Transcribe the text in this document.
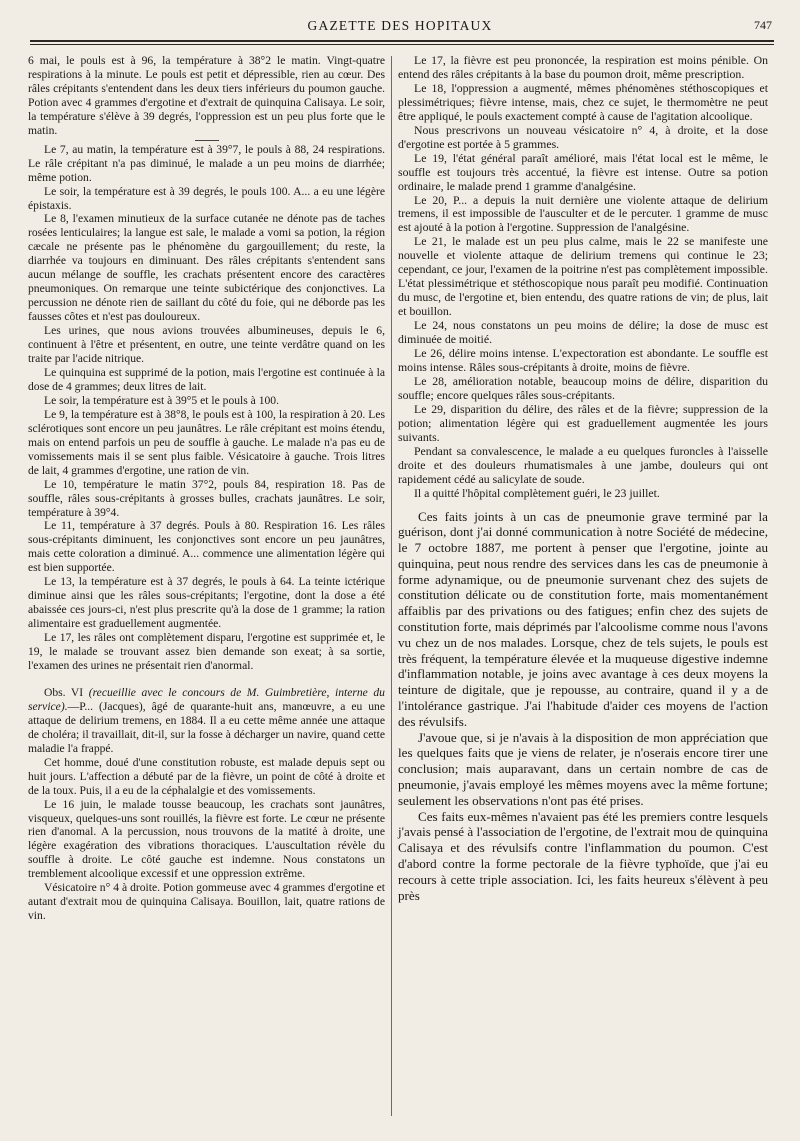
GAZETTE DES HOPITAUX	747

6 mai, le pouls est à 96, la température à 38°2 le matin. Vingt-quatre respirations à la minute. Le pouls est petit et dépressible, rien au cœur. Des râles crépitants s'entendent dans les deux tiers inférieurs du poumon gauche. Potion avec 4 grammes d'ergotine et d'extrait de quinquina Calisaya. Le soir, la température s'élève à 39 degrés, l'oppression est un peu plus forte que le matin.

Le 7, au matin, la température est à 39°7, le pouls à 88, 24 respirations. Le râle crépitant n'a pas diminué, le malade a un peu moins de diarrhée; même potion.

Le soir, la température est à 39 degrés, le pouls 100. A... a eu une légère épistaxis.

Le 8, l'examen minutieux de la surface cutanée ne dénote pas de taches rosées lenticulaires; la langue est sale, le malade a vomi sa potion, la région cæcale ne présente pas le phénomène du gargouillement; du reste, la diarrhée va toujours en diminuant. Des râles crépitants s'entendent sans aucun mélange de souffle, les crachats présentent encore des caractères pneumoniques. On remarque une teinte subictérique des conjonctives. La percussion ne dénote rien de saillant du côté du foie, qui ne déborde pas les fausses côtes et n'est pas douloureux.

Les urines, que nous avions trouvées albumineuses, depuis le 6, continuent à l'être et présentent, en outre, une teinte verdâtre quand on les traite par l'acide nitrique.

Le quinquina est supprimé de la potion, mais l'ergotine est continuée à la dose de 4 grammes; deux litres de lait.

Le soir, la température est à 39°5 et le pouls à 100.

Le 9, la température est à 38°8, le pouls est à 100, la respiration à 20. Les sclérotiques sont encore un peu jaunâtres. Le râle crépitant est moins étendu, mais on entend parfois un peu de souffle à gauche. Le malade n'a pas eu de vomissements mais il se sent plus faible. Vésicatoire à gauche. Trois litres de lait, 4 grammes d'ergotine, une ration de vin.

Le 10, température le matin 37°2, pouls 84, respiration 18. Pas de souffle, râles sous-crépitants à grosses bulles, crachats jaunâtres. Le soir, température à 39°4.

Le 11, température à 37 degrés. Pouls à 80. Respiration 16. Les râles sous-crépitants diminuent, les conjonctives sont encore un peu jaunâtres, mais cette coloration a diminué. A... commence une alimentation légère qui est bien supportée.

Le 13, la température est à 37 degrés, le pouls à 64. La teinte ictérique diminue ainsi que les râles sous-crépitants; l'ergotine, dont la dose a été abaissée ces jours-ci, n'est plus prescrite qu'à la dose de 1 gramme; la ration alimentaire est graduellement augmentée.

Le 17, les râles ont complètement disparu, l'ergotine est supprimée et, le 19, le malade se trouvant assez bien demande son exeat; à sa sortie, l'examen des urines ne présentait rien d'anormal.

Obs. VI (recueillie avec le concours de M. Guimbretière, interne du service).—P... (Jacques), âgé de quarante-huit ans, manœuvre, a eu une attaque de delirium tremens, en 1884. Il a eu cette même année une attaque de choléra; il travaillait, dit-il, sur la fosse à décharger un navire, quand cette maladie l'a frappé.

Cet homme, doué d'une constitution robuste, est malade depuis sept ou huit jours. L'affection a débuté par de la fièvre, un point de côté à droite et de la toux. Puis, il a eu de la céphalalgie et des vomissements.

Le 16 juin, le malade tousse beaucoup, les crachats sont jaunâtres, visqueux, quelques-uns sont rouillés, la fièvre est forte. Le cœur ne présente rien d'anomal. A la percussion, nous trouvons de la matité à droite, une légère exagération des vibrations thoraciques. L'auscultation révèle du souffle à droite. Le côté gauche est indemne. Nous constatons un tremblement alcoolique excessif et une oppression extrême.

Vésicatoire n° 4 à droite. Potion gommeuse avec 4 grammes d'ergotine et autant d'extrait mou de quinquina Calisaya. Bouillon, lait, quatre rations de vin.

Le 17, la fièvre est peu prononcée, la respiration est moins pénible. On entend des râles crépitants à la base du poumon droit, même prescription.

Le 18, l'oppression a augmenté, mêmes phénomènes stéthoscopiques et plessimétriques; fièvre intense, mais, chez ce sujet, le thermomètre ne peut être appliqué, le pouls exactement compté à cause de l'agitation alcoolique.

Nous prescrivons un nouveau vésicatoire n° 4, à droite, et la dose d'ergotine est portée à 5 grammes.

Le 19, l'état général paraît amélioré, mais l'état local est le même, le souffle est toujours très accentué, la fièvre est intense. Outre sa potion ordinaire, le malade prend 1 gramme d'analgésine.

Le 20, P... a depuis la nuit dernière une violente attaque de delirium tremens, il est impossible de l'ausculter et de le percuter. 1 gramme de musc est ajouté à la potion à l'ergotine. Suppression de l'analgésine.

Le 21, le malade est un peu plus calme, mais le 22 se manifeste une nouvelle et violente attaque de delirium tremens qui continue le 23; cependant, ce jour, l'examen de la poitrine n'est pas complètement impossible. L'état plessimétrique et stéthoscopique nous paraît peu modifié. Continuation du musc, de l'ergotine et, bien entendu, des quatre rations de vin; de plus, lait et bouillon.

Le 24, nous constatons un peu moins de délire; la dose de musc est diminuée de moitié.

Le 26, délire moins intense. L'expectoration est abondante. Le souffle est moins intense. Râles sous-crépitants à droite, moins de fièvre.

Le 28, amélioration notable, beaucoup moins de délire, disparition du souffle; encore quelques râles sous-crépitants.

Le 29, disparition du délire, des râles et de la fièvre; suppression de la potion; alimentation légère qui est graduellement augmentée les jours suivants.

Pendant sa convalescence, le malade a eu quelques furoncles à l'aisselle droite et des douleurs rhumatismales à une jambe, douleurs qui ont rapidement cédé au salicylate de soude.

Il a quitté l'hôpital complètement guéri, le 23 juillet.

Ces faits joints à un cas de pneumonie grave terminé par la guérison, dont j'ai donné communication à notre Société de médecine, le 7 octobre 1887, me portent à penser que l'ergotine, jointe au quinquina, peut nous rendre des services dans les cas de pneumonie à forme adynamique, ou de pneumonie survenant chez des sujets de constitution délicate ou de constitution forte, mais momentanément affaiblis par des privations ou des fatigues; enfin chez des sujets de constitution forte, mais déprimés par l'alcoolisme comme nous l'avons vu chez un de nos malades. Lorsque, chez de tels sujets, le pouls est très fréquent, la température élevée et la muqueuse digestive indemne d'inflammation notable, je joins avec avantage à ces deux moyens la teinture de digitale, que je repousse, au contraire, quand il y a de l'intolérance gastrique. J'ai l'habitude d'aider ces moyens de l'action des révulsifs.

J'avoue que, si je n'avais à la disposition de mon appréciation que les quelques faits que je viens de relater, je n'oserais encore tirer une conclusion; mais auparavant, dans un certain nombre de cas de pneumonie, j'avais employé les mêmes moyens avec la même fortune; seulement les observations n'ont pas été prises.

Ces faits eux-mêmes n'avaient pas été les premiers contre lesquels j'avais pensé à l'association de l'ergotine, de l'extrait mou de quinquina Calisaya et des révulsifs contre l'inflammation du poumon. C'est d'abord contre la forme pectorale de la fièvre typhoïde, que j'ai eu recours à cette triple association. Ici, les faits heureux s'élèvent à peu près
